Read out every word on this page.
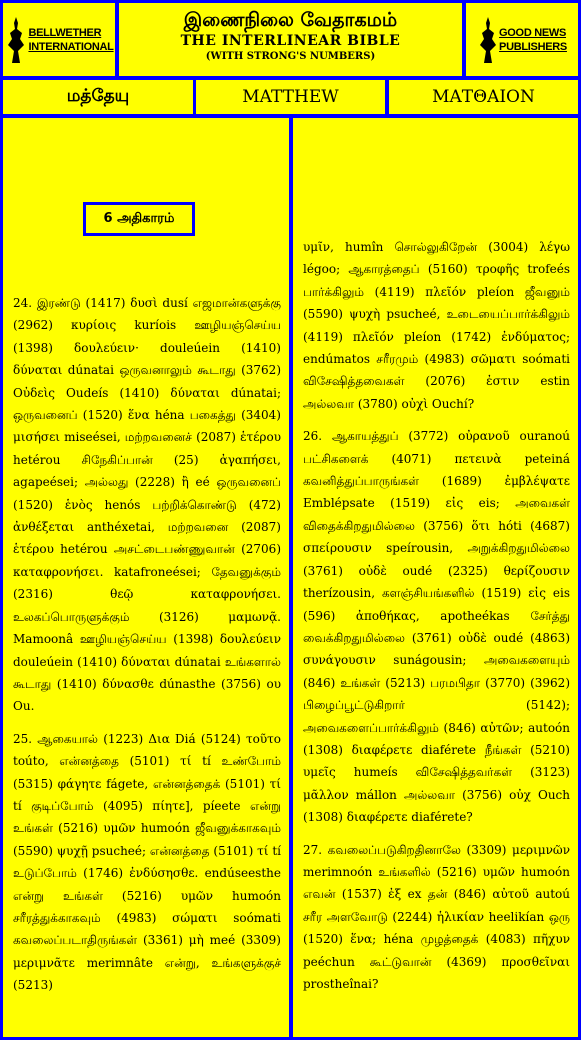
BELLWETHER
INTERNATIONAL
இணைநிலை வேதாகமம்
THE INTERLINEAR BIBLE
(WITH STRONG'S NUMBERS)
GOOD NEWS
PUBLISHERS
மத்தேயு	MATTHEW	ΜΑΤΘΑΙΟΝ
6 அதிகாரம்

24. இரண்டு (1417) δυσὶ dusí எஜமான்களுக்கு (2962) κυρίοις kuríois ஊழியஞ்செய்ய (1398) δουλεύειν· douleúein (1410) δύναται dúnatai ஒருவனாலும் கூடாது (3762) Οὐδεὶς Oudeís (1410) δύναται dúnatai; ஒருவனைப் (1520) ἕνα héna பகைத்து (3404) μισήσει miseései, மற்றவனைச் (2087) ἑτέρου hetérou சிநேகிப்பான் (25) ἀγαπήσει, agapeései; அல்லது (2228) ἢ eé ஒருவனைப் (1520) ἑνὸς henós பற்றிக்கொண்டு (472) ἀνθέξεται anthéxetai, மற்றவனை (2087) ἑτέρου hetérou அசட்டைபண்ணுவான் (2706) καταφρονήσει. katafroneései; தேவனுக்கும் (2316) θεῷ καταφρονήσει. உலகப்பொருளுக்கும் (3126) μαμωνᾷ. Mamoonâ ஊழியஞ்செய்ய (1398) δουλεύειν douleúein (1410) δύναται dúnatai உங்களால் கூடாது (1410) δύνασθε dúnasthe (3756) ου Ou.

25. ஆகையால் (1223) Δια Diá (5124) τοῦτο toúto, என்னத்தை (5101) τί tí உண்போம் (5315) φάγητε fágete, என்னத்தைக் (5101) τί tí குடிப்போம் (4095) πίητε], píeete என்று உங்கள் (5216) υμῶν humoón ஜீவனுக்காகவும் (5590) ψυχῇ psucheé; என்னத்தை (5101) τί tí உடுப்போம் (1746) ἐνδύσησθε. endúseesthe என்று உங்கள் (5216) υμῶν humoón சரீரத்துக்காகவும் (4983) σώματι soómati கவலைப்படாதிருங்கள் (3361) μὴ meé (3309) μεριμνᾶτε merimnâte என்று, உங்களுக்குச் (5213)

υμῖν, humîn சொல்லுகிறேன் (3004) λέγω légoo; ஆகாரத்தைப் (5160) τροφῆς trofeés பார்க்கிலும் (4119) πλεῖόν pleíon ஜீவனும் (5590) ψυχὴ psucheé, உடையைப்பார்க்கிலும் (4119) πλεῖόν pleíon (1742) ἐνδύματος; endúmatos சரீரமும் (4983) σῶματι soómati விசேஷித்தவைகள் (2076) ἐστιν estin அல்லவா (3780) οὐχὶ Ouchí?

26. ஆகாயத்துப் (3772) οὐρανοῦ ouranoú பட்சிகளைக் (4071) πετεινὰ peteiná கவனித்துப்பாருங்கள் (1689) ἐμβλέψατε Emblépsate (1519) εἰς eis; அவைகள் விதைக்கிறதுமில்லை (3756) ὅτι hóti (4687) σπείρουσιν speírousin, அறுக்கிறதுமில்லை (3761) οὐδὲ oudé (2325) θερίζουσιν therízousin, களஞ்சியங்களில் (1519) εἰς eis (596) ἀποθήκας, apotheékas சேர்த்து வைக்கிறதுமில்லை (3761) οὐδὲ oudé (4863) συνάγουσιν sunágousin; அவைகளையும் (846) உங்கள் (5213) பரமபிதா (3770) (3962) பிழைப்பூட்டுகிறார் (5142); அவைகளைப்பார்க்கிலும் (846) αὐτῶν; autoón (1308) διαφέρετε diaférete நீங்கள் (5210) υμεῖς humeís விசேஷித்தவர்கள் (3123) μᾶλλον mállon அல்லவா (3756) οὐχ Ouch (1308) διαφέρετε diaférete?

27. கவலைப்படுகிறதினாலே (3309) μεριμνῶν merimnoón உங்களில் (5216) υμῶν humoón எவன் (1537) ἐξ ex தன் (846) αὐτοῦ autoú சரீர அளவோடு (2244) ἡλικίαν heelikían ஒரு (1520) ἕνα; héna முழத்தைக் (4083) πῆχυν peéchun கூட்டுவான் (4369) προσθεῖναι prostheînai?
